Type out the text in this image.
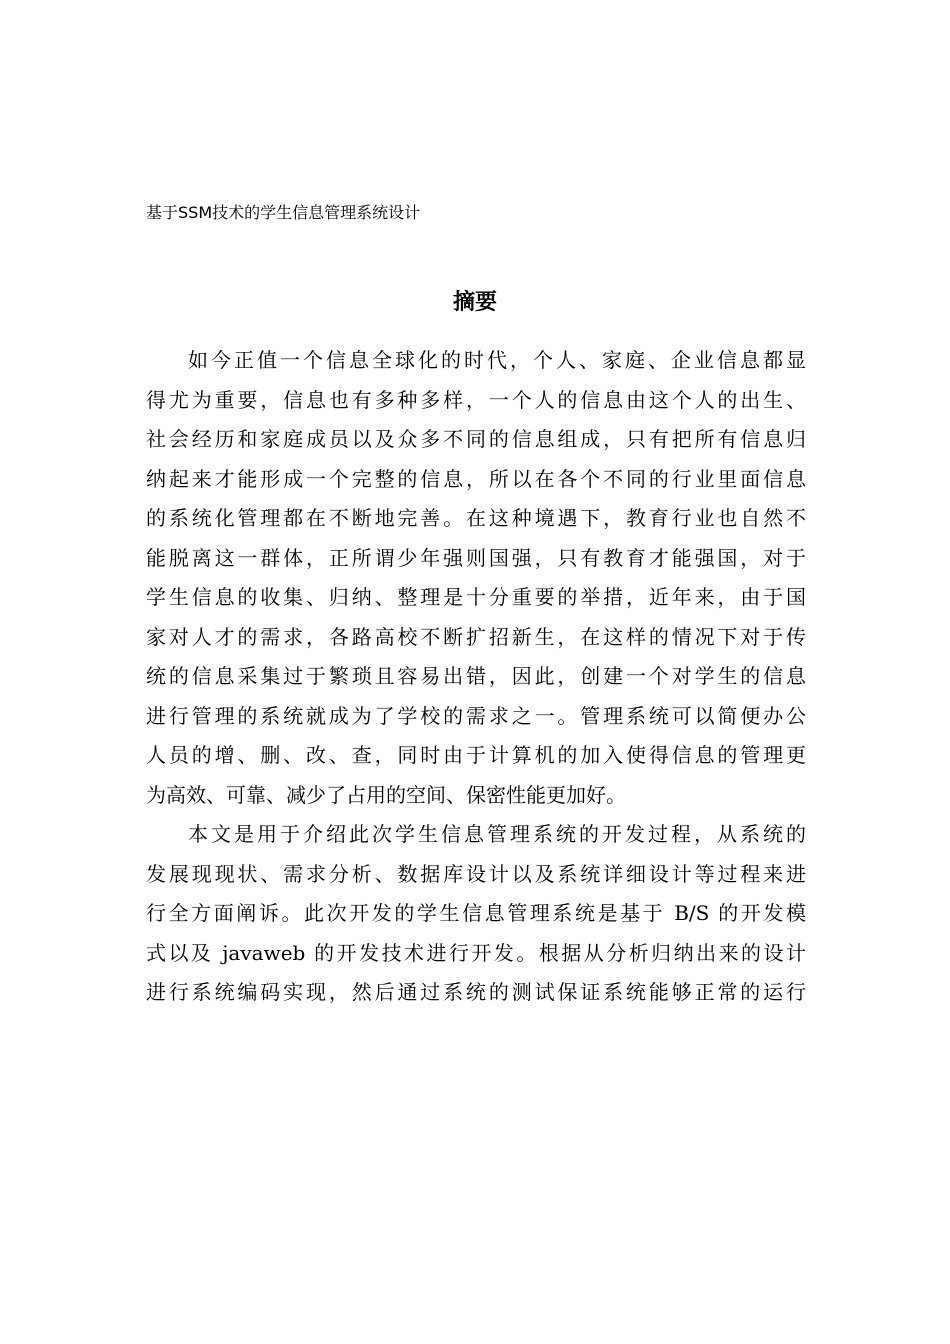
基于SSM技术的学生信息管理系统设计
摘要
如今正值一个信息全球化的时代，个人、家庭、企业信息都显
得尤为重要，信息也有多种多样，一个人的信息由这个人的出生、
社会经历和家庭成员以及众多不同的信息组成，只有把所有信息归
纳起来才能形成一个完整的信息，所以在各个不同的行业里面信息
的系统化管理都在不断地完善。在这种境遇下，教育行业也自然不
能脱离这一群体，正所谓少年强则国强，只有教育才能强国，对于
学生信息的收集、归纳、整理是十分重要的举措，近年来，由于国
家对人才的需求，各路高校不断扩招新生，在这样的情况下对于传
统的信息采集过于繁琐且容易出错，因此，创建一个对学生的信息
进行管理的系统就成为了学校的需求之一。管理系统可以简便办公
人员的增、删、改、查，同时由于计算机的加入使得信息的管理更
为高效、可靠、减少了占用的空间、保密性能更加好。
本文是用于介绍此次学生信息管理系统的开发过程，从系统的
发展现现状、需求分析、数据库设计以及系统详细设计等过程来进
行全方面阐诉。此次开发的学生信息管理系统是基于 B/S 的开发模
式以及 javaweb 的开发技术进行开发。根据从分析归纳出来的设计
进行系统编码实现，然后通过系统的测试保证系统能够正常的运行
